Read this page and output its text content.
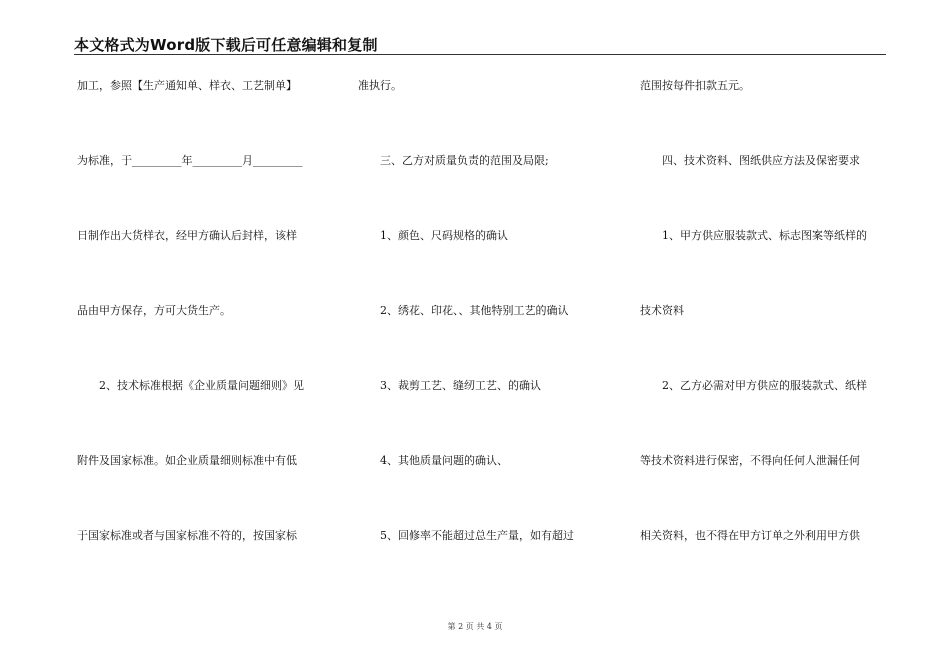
本文格式为Word版下载后可任意编辑和复制
加工，参照【生产通知单、样衣、工艺制单】
为标准，于_________年_________月_________
日制作出大货样衣，经甲方确认后封样，该样
品由甲方保存，方可大货生产。
　　2、技术标准根据《企业质量问题细则》见
附件及国家标准。如企业质量细则标准中有低
于国家标准或者与国家标准不符的，按国家标
准执行。
　　三、乙方对质量负责的范围及局限;
　　1、颜色、尺码规格的确认
　　2、绣花、印花、、其他特别工艺的确认
　　3、裁剪工艺、缝纫工艺、的确认
　　4、其他质量问题的确认、
　　5、回修率不能超过总生产量，如有超过
范围按每件扣款五元。
　　四、技术资料、图纸供应方法及保密要求
　　1、甲方供应服装款式、标志图案等纸样的
技术资料
　　2、乙方必需对甲方供应的服装款式、纸样
等技术资料进行保密，不得向任何人泄漏任何
相关资料，也不得在甲方订单之外利用甲方供
第 2 页 共 4 页
